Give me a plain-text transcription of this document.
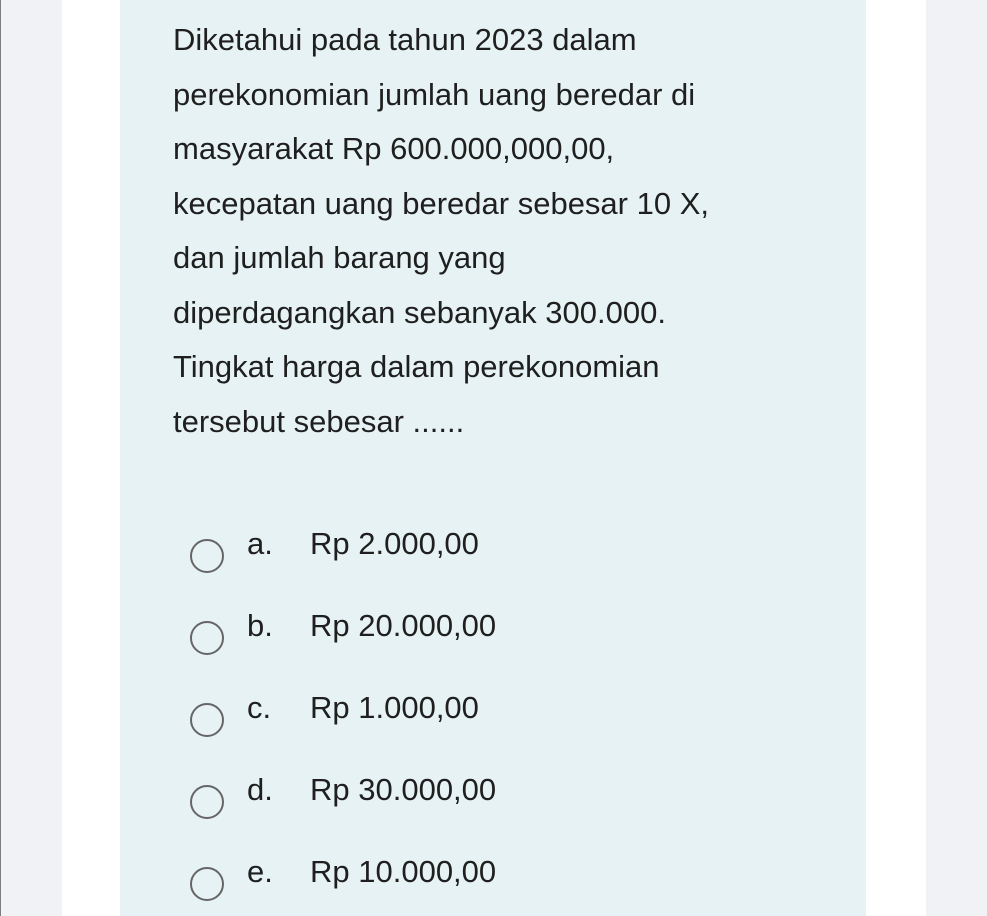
Diketahui pada tahun 2023 dalam
perekonomian jumlah uang beredar di
masyarakat Rp 600.000,000,00,
kecepatan uang beredar sebesar 10 X,
dan jumlah barang yang
diperdagangkan sebanyak 300.000.
Tingkat harga dalam perekonomian
tersebut sebesar ......

a.	Rp 2.000,00
b.	Rp 20.000,00
c.	Rp 1.000,00
d.	Rp 30.000,00
e.	Rp 10.000,00
